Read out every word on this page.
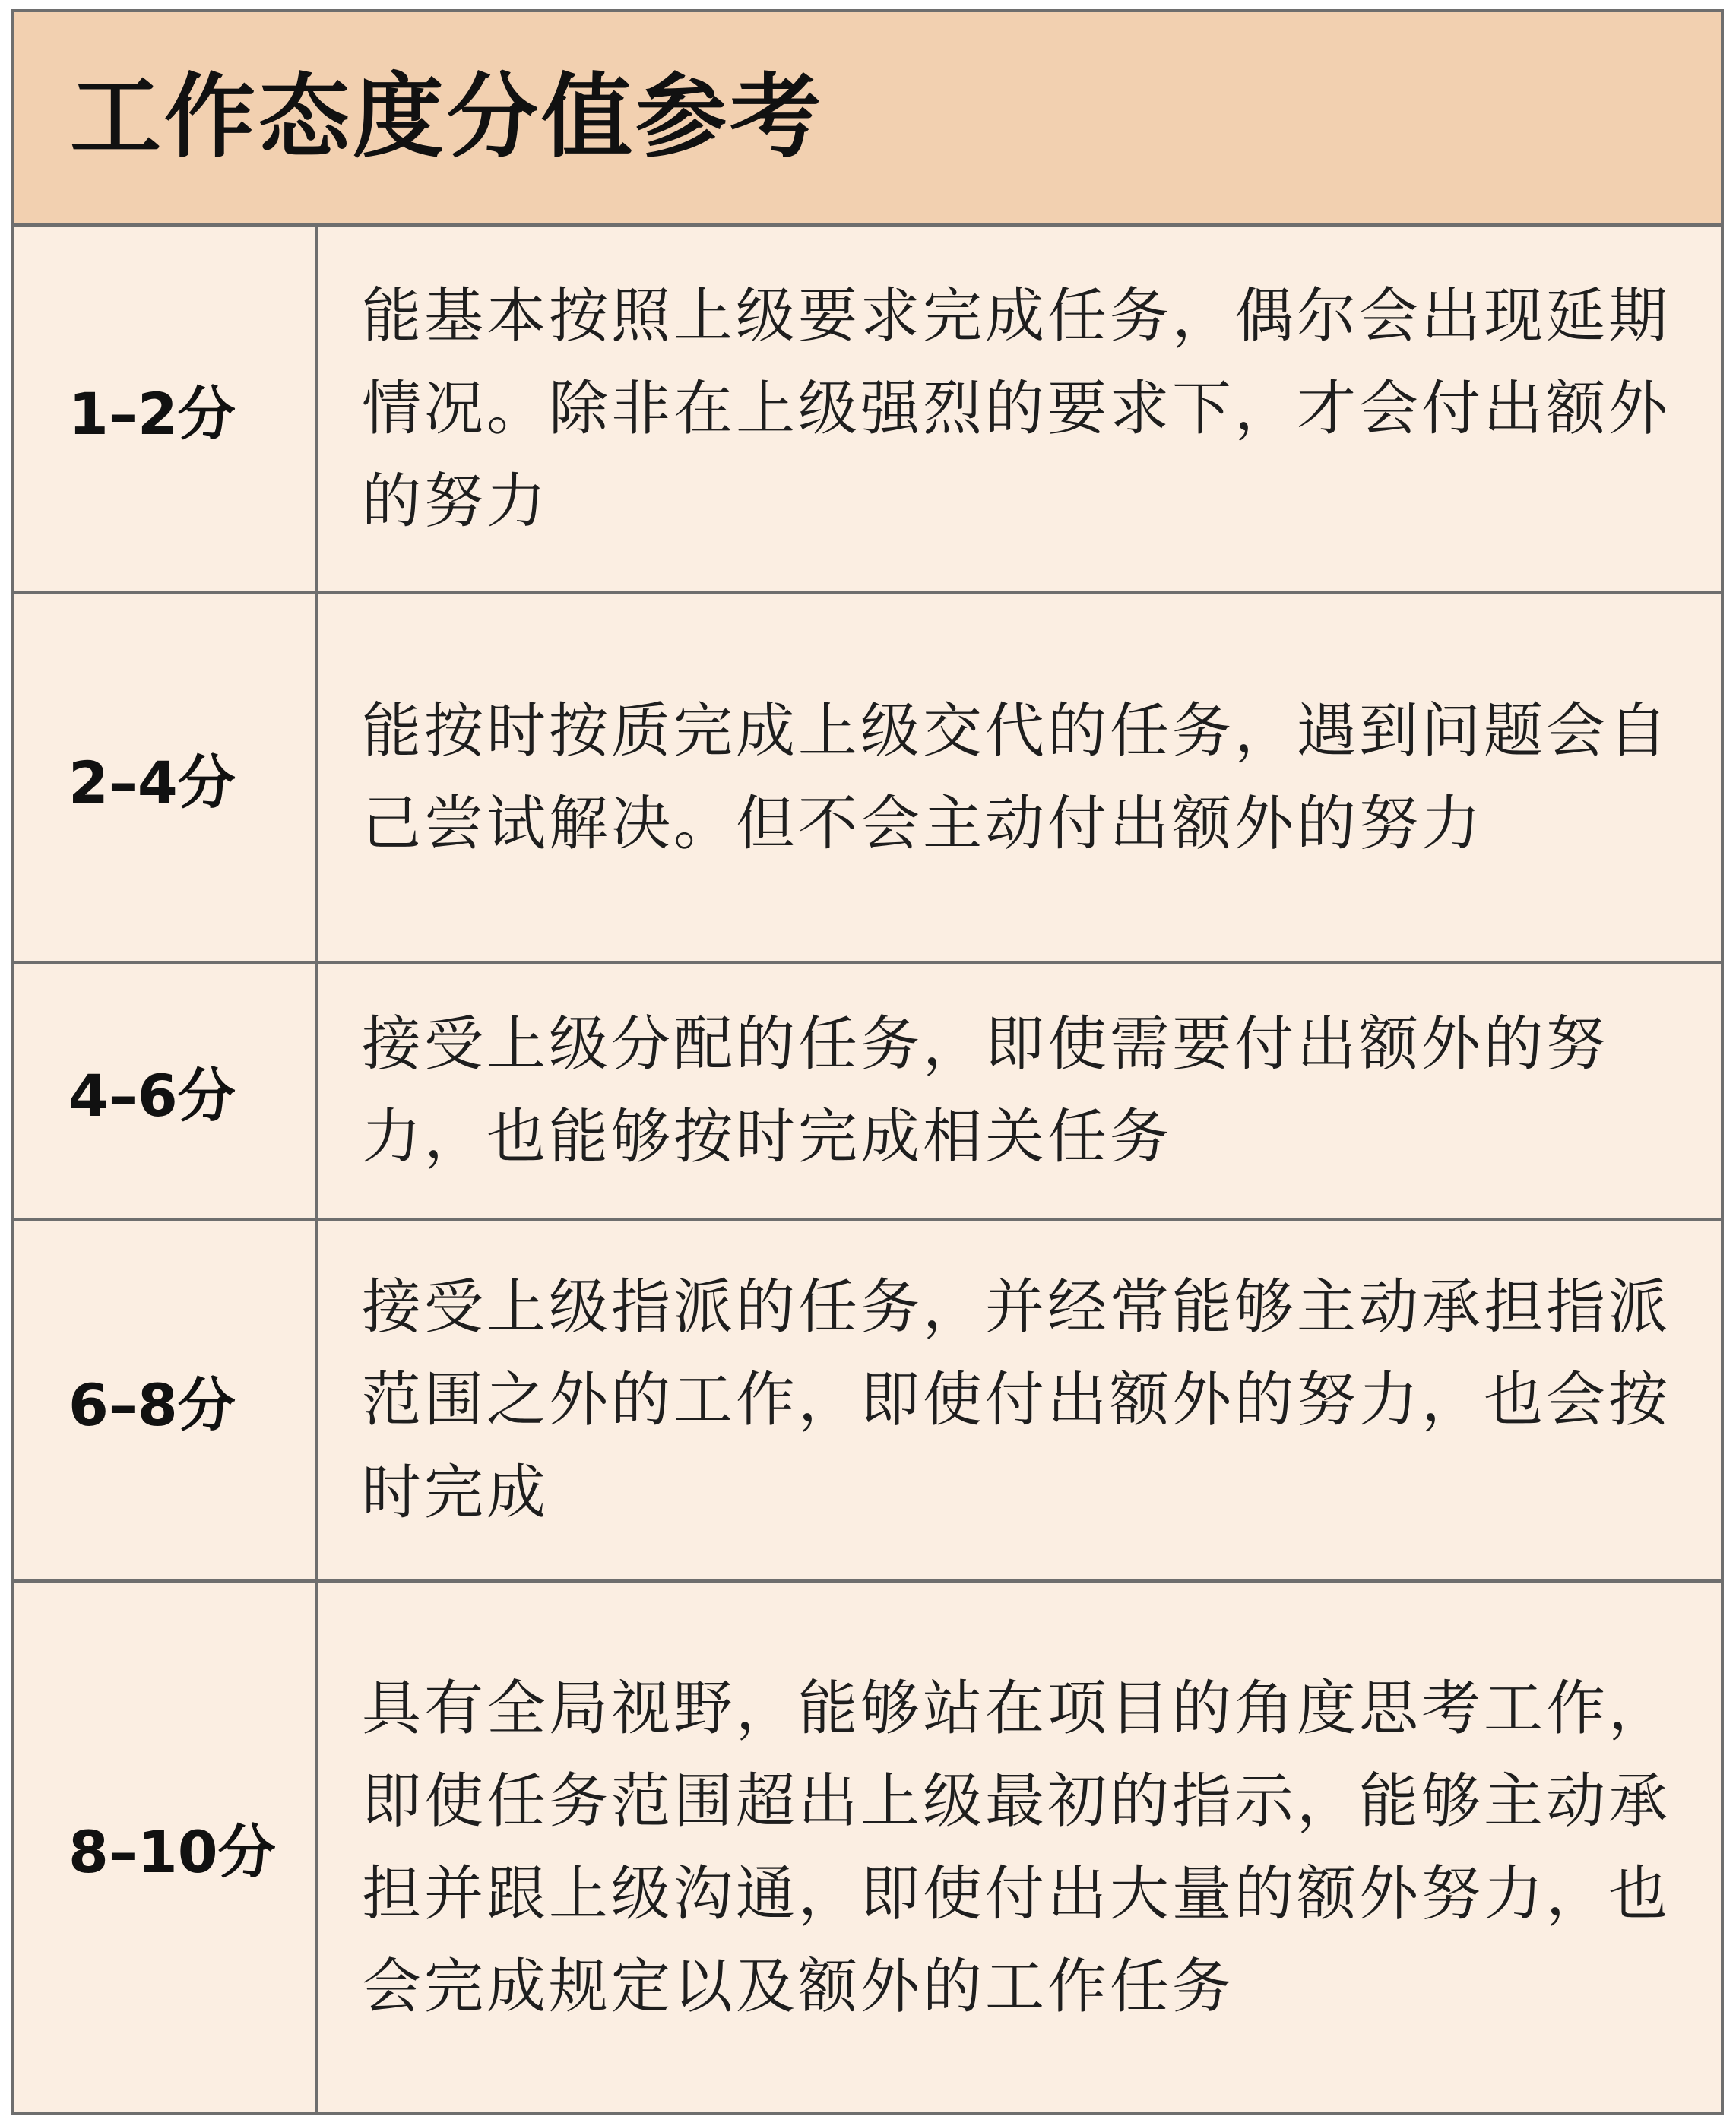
工作态度分值参考
1–2分
能基本按照上级要求完成任务，偶尔会出现延期情况。除非在上级强烈的要求下，才会付出额外的努力
2–4分
能按时按质完成上级交代的任务，遇到问题会自己尝试解决。但不会主动付出额外的努力
4–6分
接受上级分配的任务，即使需要付出额外的努力，也能够按时完成相关任务
6–8分
接受上级指派的任务，并经常能够主动承担指派范围之外的工作，即使付出额外的努力，也会按时完成
8–10分
具有全局视野，能够站在项目的角度思考工作，即使任务范围超出上级最初的指示，能够主动承担并跟上级沟通，即使付出大量的额外努力，也会完成规定以及额外的工作任务
